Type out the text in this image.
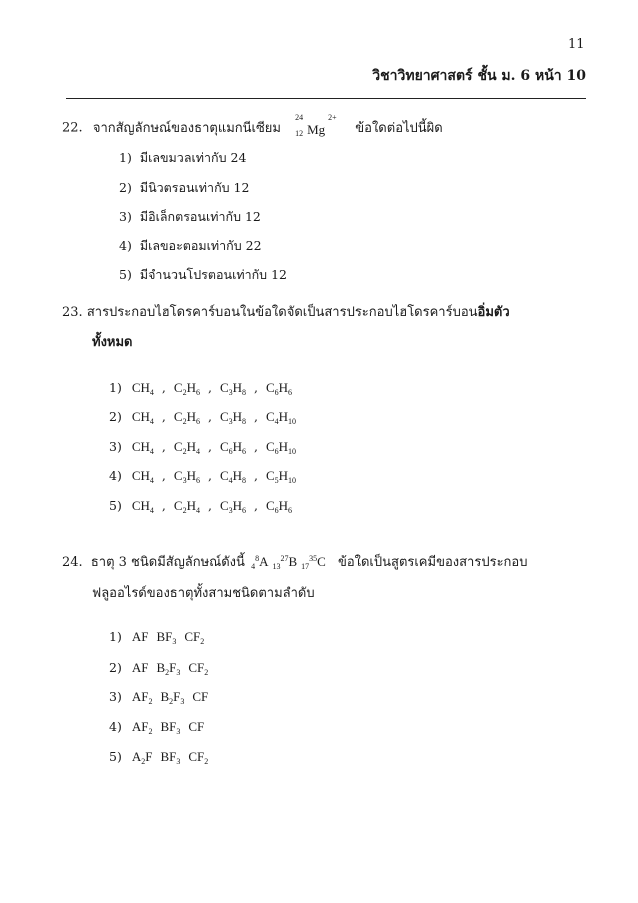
11
วิชาวิทยาศาสตร์ ชั้น ม. 6 หน้า 10
22. จากสัญลักษณ์ของธาตุแมกนีเซียม
24
12 Mg
2+
ข้อใดต่อไปนี้ผิด
1) มีเลขมวลเท่ากับ 24
2) มีนิวตรอนเท่ากับ 12
3) มีอิเล็กตรอนเท่ากับ 12
4) มีเลขอะตอมเท่ากับ 22
5) มีจำนวนโปรตอนเท่ากับ 12
23. สารประกอบไฮโดรคาร์บอนในข้อใดจัดเป็นสารประกอบไฮโดรคาร์บอนอิ่มตัว
ทั้งหมด
1) $CH_4$ , $C_2H_6$ , $C_3H_8$ , $C_6H_6$
2) $CH_4$ , $C_2H_6$ , $C_3H_8$ , $C_4H_{10}$
3) $CH_4$ , $C_2H_4$ , $C_6H_6$ , $C_6H_{10}$
4) $CH_4$ , $C_3H_6$ , $C_4H_8$ , $C_5H_{10}$
5) $CH_4$ , $C_2H_4$ , $C_3H_6$ , $C_6H_6$
24. ธาตุ 3 ชนิดมีสัญลักษณ์ดังนี้ $_4^8$A $_{13}^{27}$B $_{17}^{35}$C ข้อใดเป็นสูตรเคมีของสารประกอบ
ฟลูออไรด์ของธาตุทั้งสามชนิดตามลำดับ
1) AF $BF_3$ $CF_2$
2) AF $B_2F_3$ $CF_2$
3) $AF_2$ $B_2F_3$ CF
4) $AF_2$ $BF_3$ CF
5) $A_2F$ $BF_3$ $CF_2$
